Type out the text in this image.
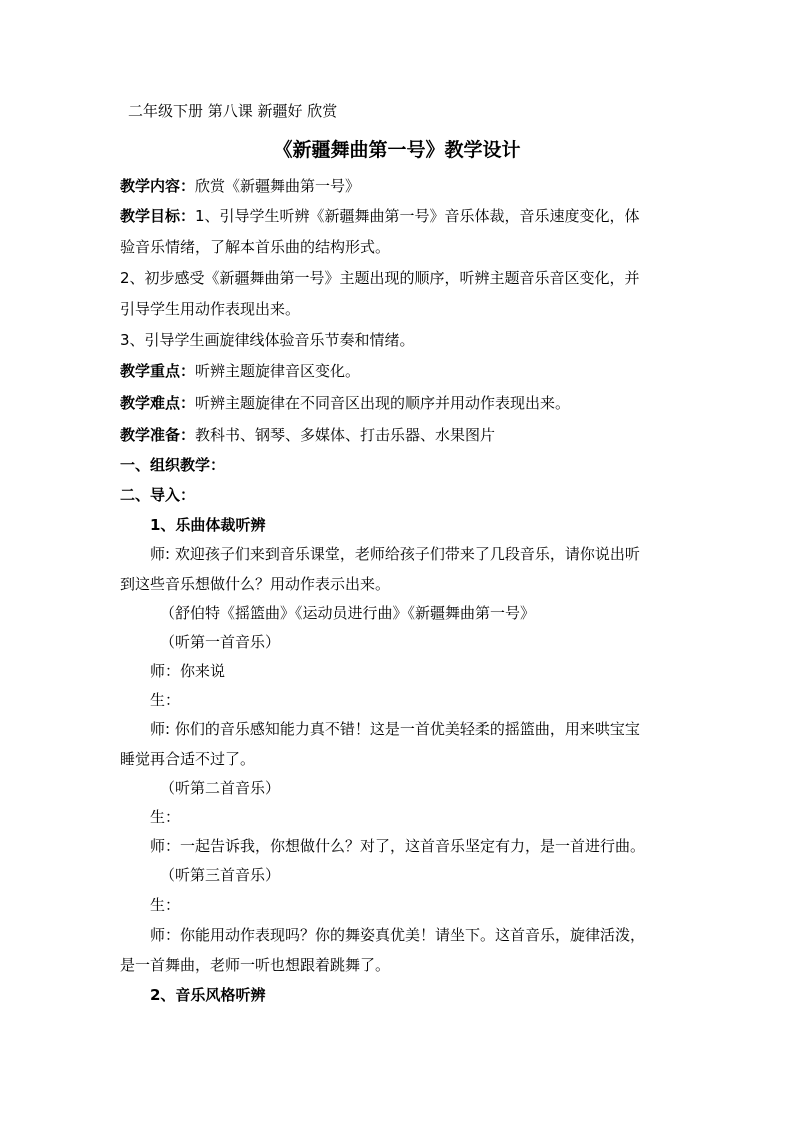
二年级下册 第八课 新疆好 欣赏

《新疆舞曲第一号》教学设计

教学内容：欣赏《新疆舞曲第一号》

教学目标：1、引导学生听辨《新疆舞曲第一号》音乐体裁，音乐速度变化，体

验音乐情绪，了解本首乐曲的结构形式。

2、初步感受《新疆舞曲第一号》主题出现的顺序，听辨主题音乐音区变化，并

引导学生用动作表现出来。

3、引导学生画旋律线体验音乐节奏和情绪。

教学重点：听辨主题旋律音区变化。

教学难点：听辨主题旋律在不同音区出现的顺序并用动作表现出来。

教学准备：教科书、钢琴、多媒体、打击乐器、水果图片

一、组织教学：

二、导入：

1、乐曲体裁听辨

师: 欢迎孩子们来到音乐课堂，老师给孩子们带来了几段音乐，请你说出听

到这些音乐想做什么？用动作表示出来。

（舒伯特《摇篮曲》《运动员进行曲》《新疆舞曲第一号》

（听第一首音乐）

师：你来说

生：

师: 你们的音乐感知能力真不错！这是一首优美轻柔的摇篮曲，用来哄宝宝

睡觉再合适不过了。

（听第二首音乐）

生：

师：一起告诉我，你想做什么？对了，这首音乐坚定有力，是一首进行曲。

（听第三首音乐）

生：

师：你能用动作表现吗？你的舞姿真优美！请坐下。这首音乐，旋律活泼，

是一首舞曲，老师一听也想跟着跳舞了。

2、音乐风格听辨
